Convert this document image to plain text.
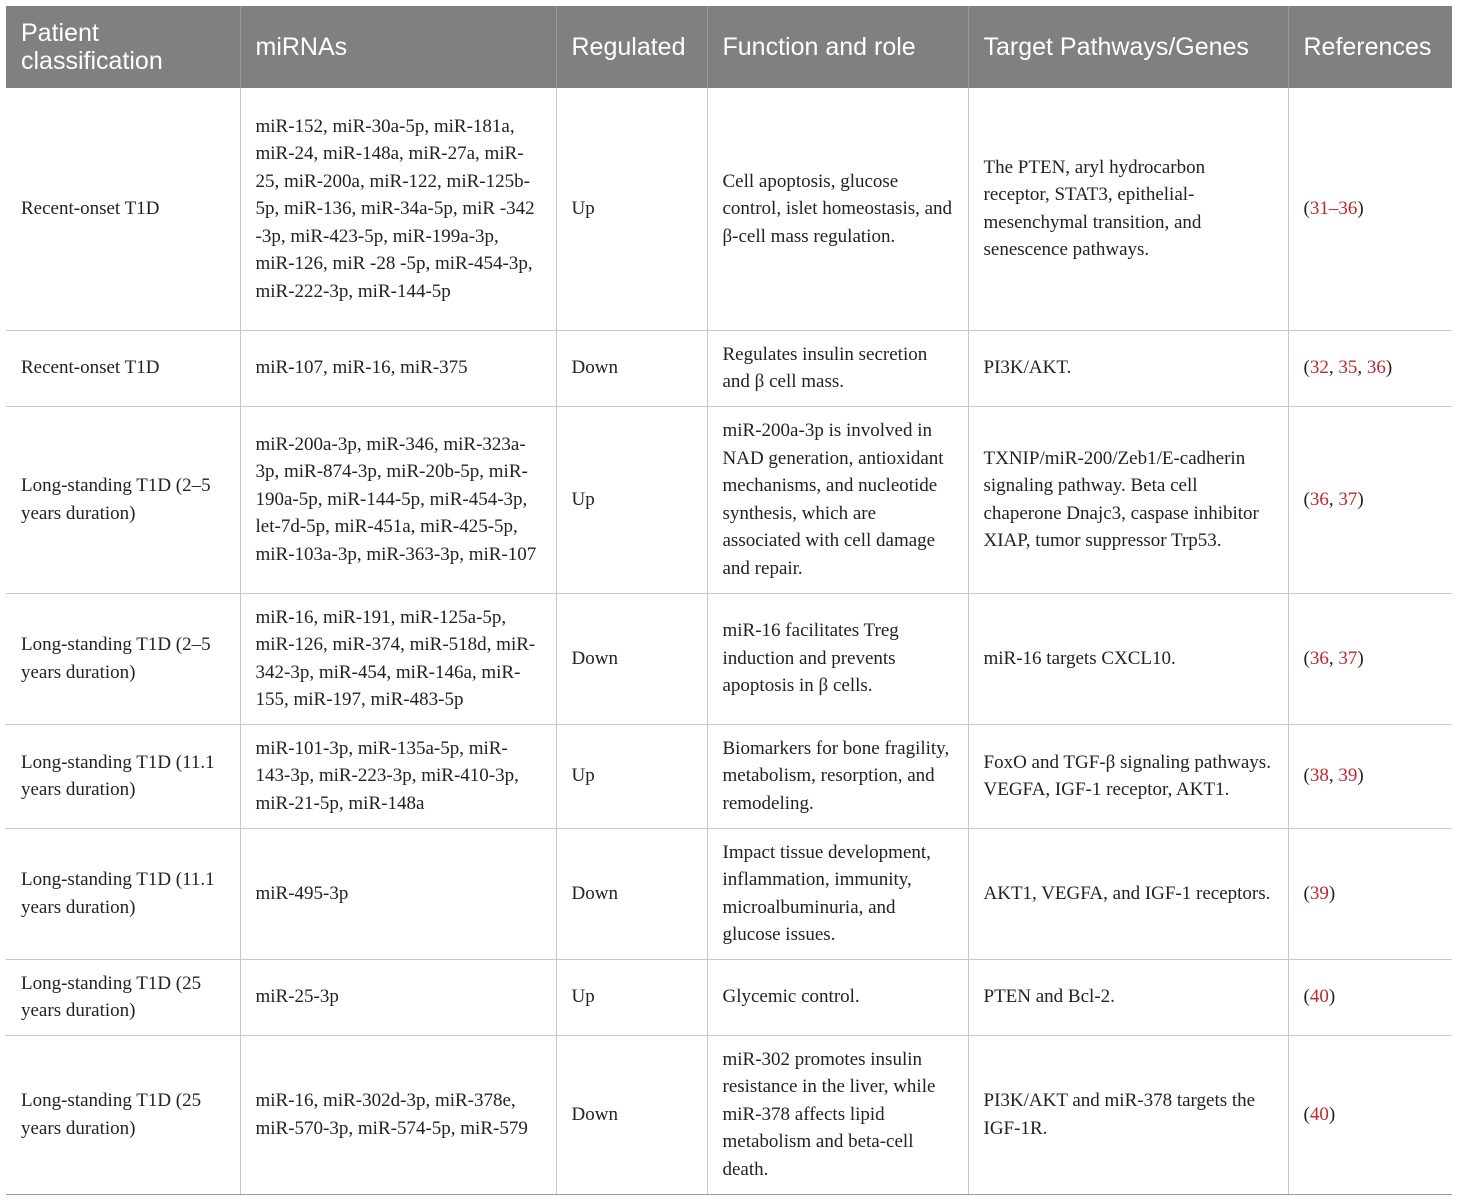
Patient classification	miRNAs	Regulated	Function and role	Target Pathways/Genes	References
Recent-onset T1D	miR-152, miR-30a-5p, miR-181a, miR-24, miR-148a, miR-27a, miR-25, miR-200a, miR-122, miR-125b-5p, miR-136, miR-34a-5p, miR -342 -3p, miR-423-5p, miR-199a-3p, miR-126, miR -28 -5p, miR-454-3p, miR-222-3p, miR-144-5p	Up	Cell apoptosis, glucose control, islet homeostasis, and β-cell mass regulation.	The PTEN, aryl hydrocarbon receptor, STAT3, epithelial-mesenchymal transition, and senescence pathways.	(31–36)
Recent-onset T1D	miR-107, miR-16, miR-375	Down	Regulates insulin secretion and β cell mass.	PI3K/AKT.	(32, 35, 36)
Long-standing T1D (2–5 years duration)	miR-200a-3p, miR-346, miR-323a-3p, miR-874-3p, miR-20b-5p, miR-190a-5p, miR-144-5p, miR-454-3p, let-7d-5p, miR-451a, miR-425-5p, miR-103a-3p, miR-363-3p, miR-107	Up	miR-200a-3p is involved in NAD generation, antioxidant mechanisms, and nucleotide synthesis, which are associated with cell damage and repair.	TXNIP/miR-200/Zeb1/E-cadherin signaling pathway. Beta cell chaperone Dnajc3, caspase inhibitor XIAP, tumor suppressor Trp53.	(36, 37)
Long-standing T1D (2–5 years duration)	miR-16, miR-191, miR-125a-5p, miR-126, miR-374, miR-518d, miR-342-3p, miR-454, miR-146a, miR-155, miR-197, miR-483-5p	Down	miR-16 facilitates Treg induction and prevents apoptosis in β cells.	miR-16 targets CXCL10.	(36, 37)
Long-standing T1D (11.1 years duration)	miR-101-3p, miR-135a-5p, miR-143-3p, miR-223-3p, miR-410-3p, miR-21-5p, miR-148a	Up	Biomarkers for bone fragility, metabolism, resorption, and remodeling.	FoxO and TGF-β signaling pathways. VEGFA, IGF-1 receptor, AKT1.	(38, 39)
Long-standing T1D (11.1 years duration)	miR-495-3p	Down	Impact tissue development, inflammation, immunity, microalbuminuria, and glucose issues.	AKT1, VEGFA, and IGF-1 receptors.	(39)
Long-standing T1D (25 years duration)	miR-25-3p	Up	Glycemic control.	PTEN and Bcl-2.	(40)
Long-standing T1D (25 years duration)	miR-16, miR-302d-3p, miR-378e, miR-570-3p, miR-574-5p, miR-579	Down	miR-302 promotes insulin resistance in the liver, while miR-378 affects lipid metabolism and beta-cell death.	PI3K/AKT and miR-378 targets the IGF-1R.	(40)
